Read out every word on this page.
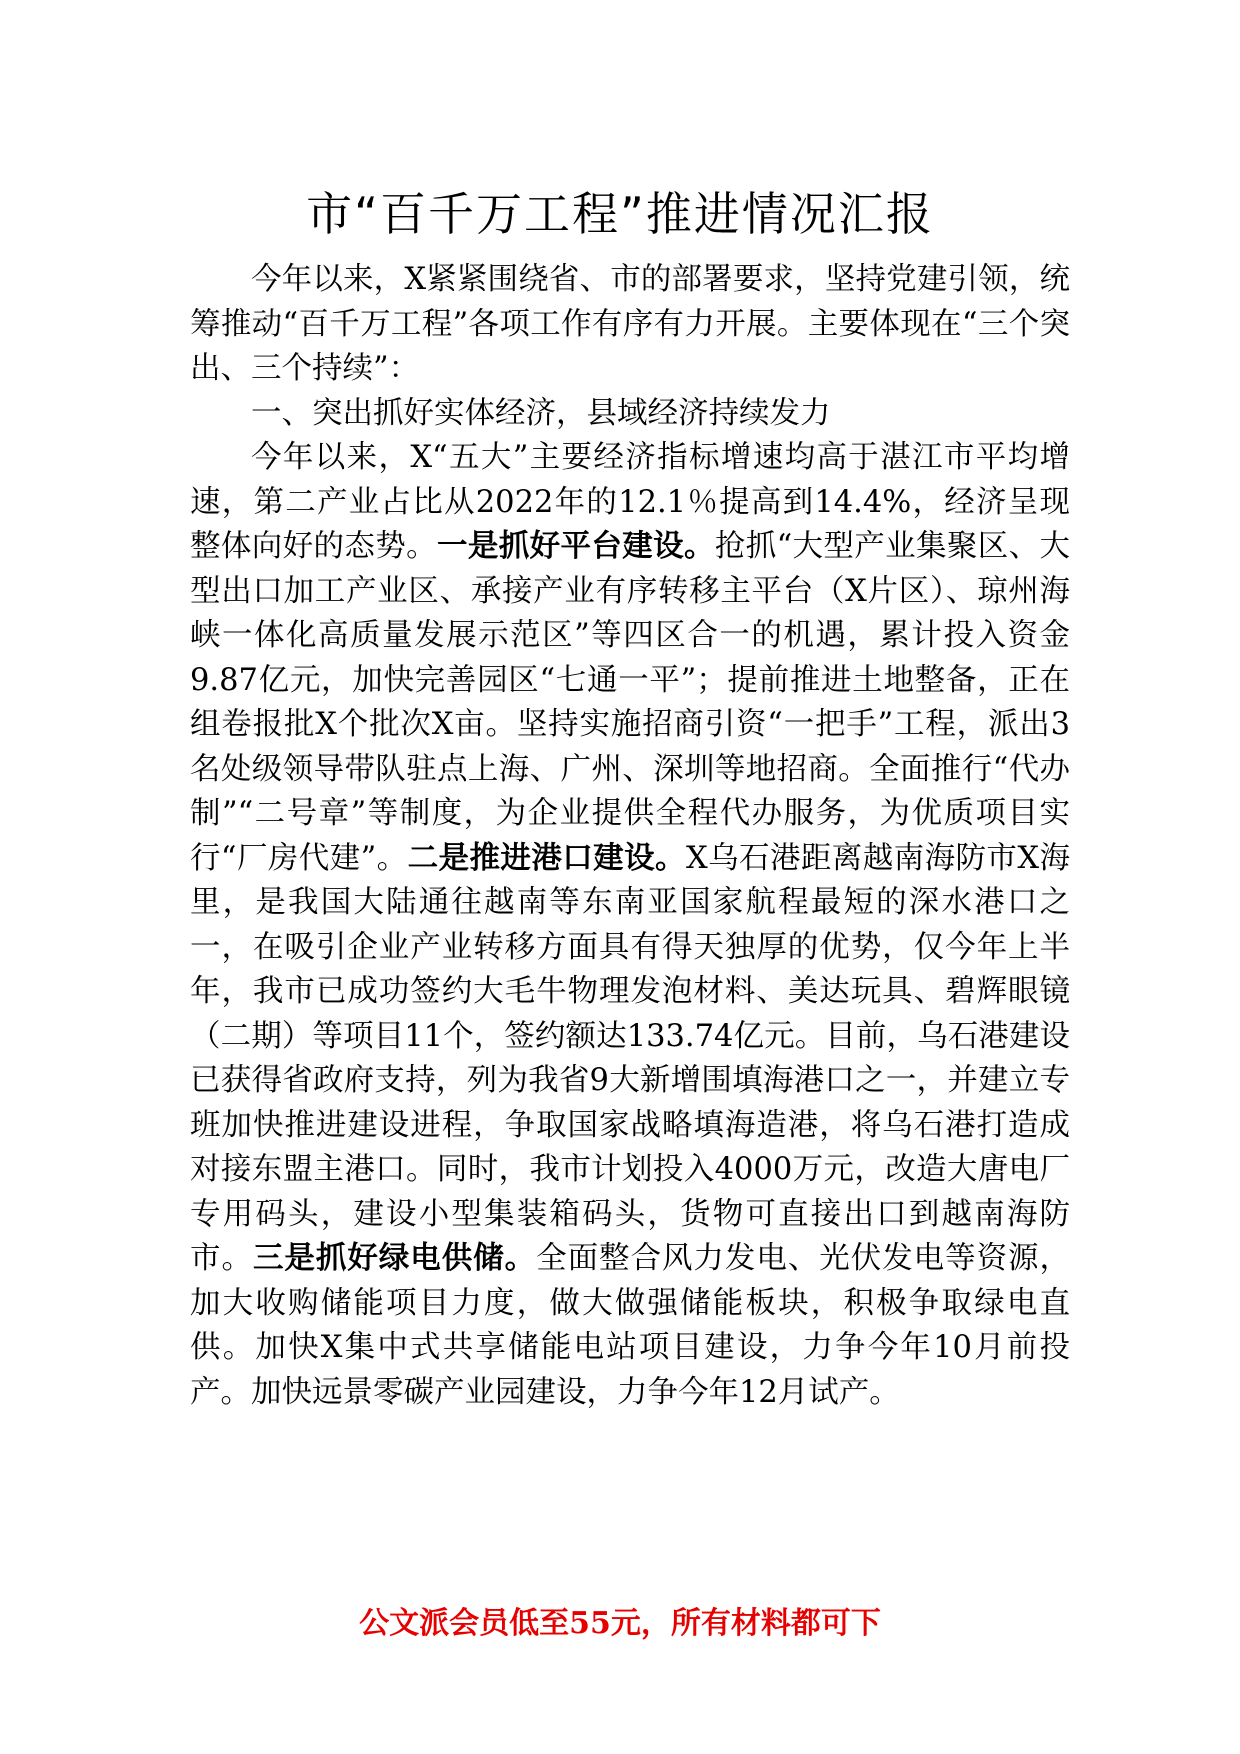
市“百千万工程”推进情况汇报

今年以来，X紧紧围绕省、市的部署要求，坚持党建引领，统筹推动“百千万工程”各项工作有序有力开展。主要体现在“三个突出、三个持续”：

一、突出抓好实体经济，县域经济持续发力

今年以来，X“五大”主要经济指标增速均高于湛江市平均增速，第二产业占比从2022年的12.1％提高到14.4%，经济呈现整体向好的态势。一是抓好平台建设。抢抓“大型产业集聚区、大型出口加工产业区、承接产业有序转移主平台（X片区）、琼州海峡一体化高质量发展示范区”等四区合一的机遇，累计投入资金9.87亿元，加快完善园区“七通一平”；提前推进土地整备，正在组卷报批X个批次X亩。坚持实施招商引资“一把手”工程，派出3名处级领导带队驻点上海、广州、深圳等地招商。全面推行“代办制”“二号章”等制度，为企业提供全程代办服务，为优质项目实行“厂房代建”。二是推进港口建设。X乌石港距离越南海防市X海里，是我国大陆通往越南等东南亚国家航程最短的深水港口之一，在吸引企业产业转移方面具有得天独厚的优势，仅今年上半年，我市已成功签约大毛牛物理发泡材料、美达玩具、碧辉眼镜（二期）等项目11个，签约额达133.74亿元。目前，乌石港建设已获得省政府支持，列为我省9大新增围填海港口之一，并建立专班加快推进建设进程，争取国家战略填海造港，将乌石港打造成对接东盟主港口。同时，我市计划投入4000万元，改造大唐电厂专用码头，建设小型集装箱码头，货物可直接出口到越南海防市。三是抓好绿电供储。全面整合风力发电、光伏发电等资源，加大收购储能项目力度，做大做强储能板块，积极争取绿电直供。加快X集中式共享储能电站项目建设，力争今年10月前投产。加快远景零碳产业园建设，力争今年12月试产。

公文派会员低至55元，所有材料都可下
